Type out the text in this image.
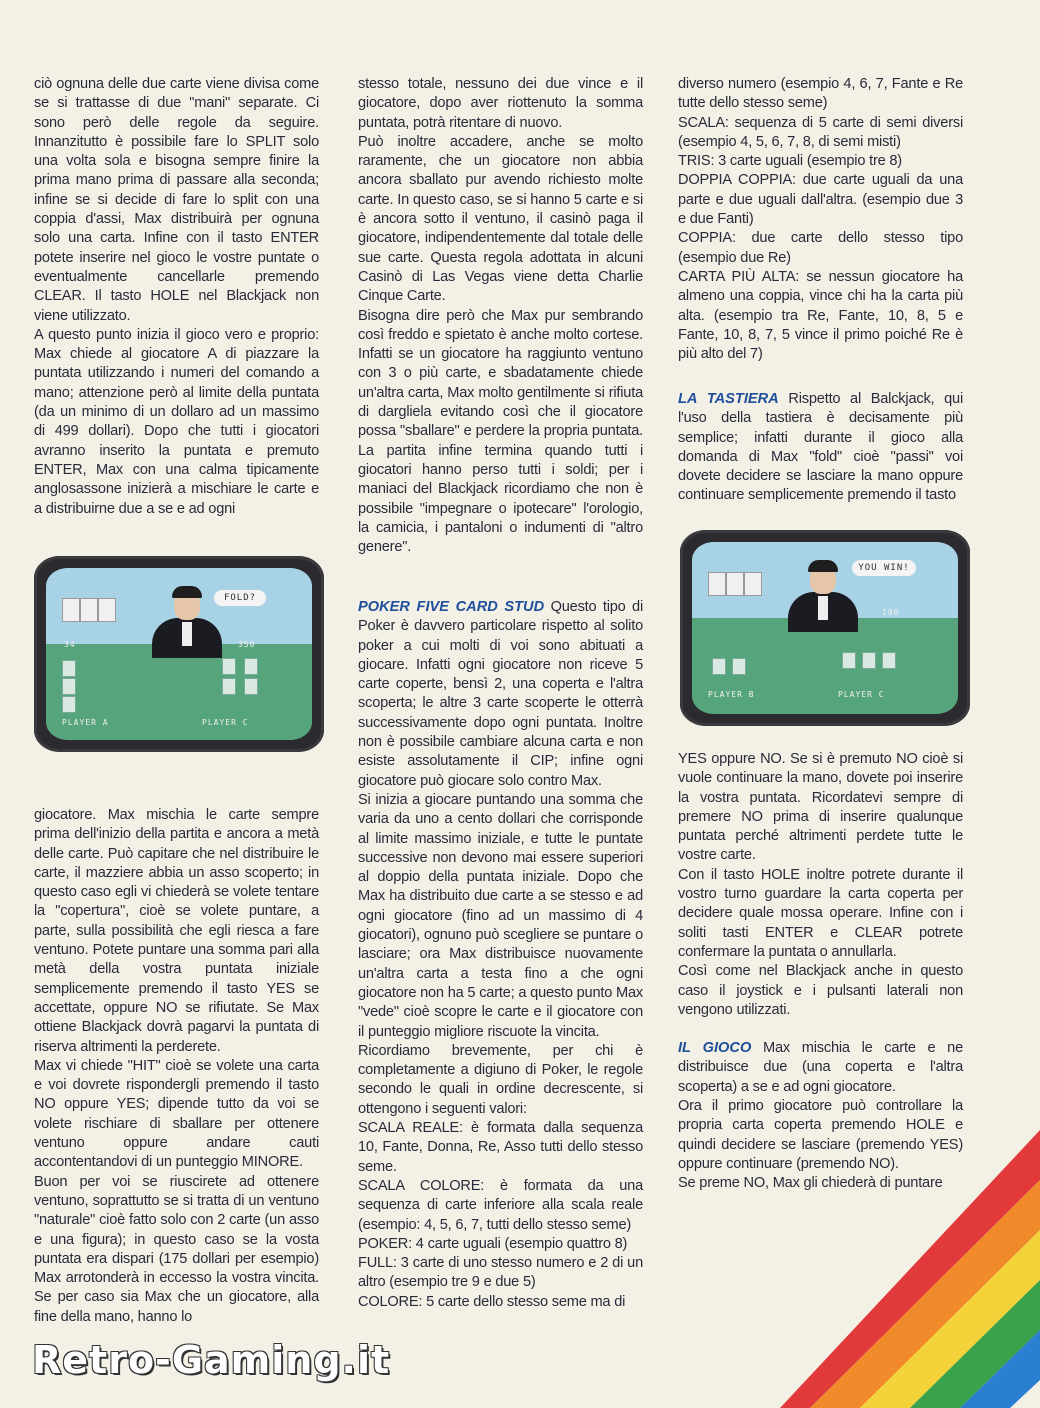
ciò ognuna delle due carte viene divisa come se si trattasse di due "mani" separate. Ci sono però delle regole da seguire. Innanzitutto è possibile fare lo SPLIT solo una volta sola e bisogna sempre finire la prima mano prima di passare alla seconda; infine se si decide di fare lo split con una coppia d'assi, Max distribuirà per ognuna solo una carta. Infine con il tasto ENTER potete inserire nel gioco le vostre puntate o eventualmente cancellarle premendo CLEAR. Il tasto HOLE nel Blackjack non viene utilizzato.

A questo punto inizia il gioco vero e proprio: Max chiede al giocatore A di piazzare la puntata utilizzando i numeri del comando a mano; attenzione però al limite della puntata (da un minimo di un dollaro ad un massimo di 499 dollari). Dopo che tutti i giocatori avranno inserito la puntata e premuto ENTER, Max con una calma tipicamente anglosassone inizierà a mischiare le carte e a distribuirne due a se e ad ogni

FOLD?
34	350
PLAYER A	PLAYER C

giocatore. Max mischia le carte sempre prima dell'inizio della partita e ancora a metà delle carte. Può capitare che nel distribuire le carte, il mazziere abbia un asso scoperto; in questo caso egli vi chiederà se volete tentare la "copertura", cioè se volete puntare, a parte, sulla possibilità che egli riesca a fare ventuno. Potete puntare una somma pari alla metà della vostra puntata iniziale semplicemente premendo il tasto YES se accettate, oppure NO se rifiutate. Se Max ottiene Blackjack dovrà pagarvi la puntata di riserva altrimenti la perderete.

Max vi chiede "HIT" cioè se volete una carta e voi dovrete rispondergli premendo il tasto NO oppure YES; dipende tutto da voi se volete rischiare di sballare per ottenere ventuno oppure andare cauti accontentandovi di un punteggio MINORE.

Buon per voi se riuscirete ad ottenere ventuno, soprattutto se si tratta di un ventuno "naturale" cioè fatto solo con 2 carte (un asso e una figura); in questo caso se la vosta puntata era dispari (175 dollari per esempio) Max arrotonderà in eccesso la vostra vincita. Se per caso sia Max che un giocatore, alla fine della mano, hanno lo

stesso totale, nessuno dei due vince e il giocatore, dopo aver riottenuto la somma puntata, potrà ritentare di nuovo.

Può inoltre accadere, anche se molto raramente, che un giocatore non abbia ancora sballato pur avendo richiesto molte carte. In questo caso, se si hanno 5 carte e si è ancora sotto il ventuno, il casinò paga il giocatore, indipendentemente dal totale delle sue carte. Questa regola adottata in alcuni Casinò di Las Vegas viene detta Charlie Cinque Carte.

Bisogna dire però che Max pur sembrando così freddo e spietato è anche molto cortese. Infatti se un giocatore ha raggiunto ventuno con 3 o più carte, e sbadatamente chiede un'altra carta, Max molto gentilmente si rifiuta di dargliela evitando così che il giocatore possa "sballare" e perdere la propria puntata. La partita infine termina quando tutti i giocatori hanno perso tutti i soldi; per i maniaci del Blackjack ricordiamo che non è possibile "impegnare o ipotecare" l'orologio, la camicia, i pantaloni o indumenti di "altro genere".

POKER FIVE CARD STUD Questo tipo di Poker è davvero particolare rispetto al solito poker a cui molti di voi sono abituati a giocare. Infatti ogni giocatore non riceve 5 carte coperte, bensì 2, una coperta e l'altra scoperta; le altre 3 carte scoperte le otterrà successivamente dopo ogni puntata. Inoltre non è possibile cambiare alcuna carta e non esiste assolutamente il CIP; infine ogni giocatore può giocare solo contro Max.

Si inizia a giocare puntando una somma che varia da uno a cento dollari che corrisponde al limite massimo iniziale, e tutte le puntate successive non devono mai essere superiori al doppio della puntata iniziale. Dopo che Max ha distribuito due carte a se stesso e ad ogni giocatore (fino ad un massimo di 4 giocatori), ognuno può scegliere se puntare o lasciare; ora Max distribuisce nuovamente un'altra carta a testa fino a che ogni giocatore non ha 5 carte; a questo punto Max "vede" cioè scopre le carte e il giocatore con il punteggio migliore riscuote la vincita.

Ricordiamo brevemente, per chi è completamente a digiuno di Poker, le regole secondo le quali in ordine decrescente, si ottengono i seguenti valori:

SCALA REALE: è formata dalla sequenza 10, Fante, Donna, Re, Asso tutti dello stesso seme.

SCALA COLORE: è formata da una sequenza di carte inferiore alla scala reale (esempio: 4, 5, 6, 7, tutti dello stesso seme)

POKER: 4 carte uguali (esempio quattro 8)

FULL: 3 carte di uno stesso numero e 2 di un altro (esempio tre 9 e due 5)

COLORE: 5 carte dello stesso seme ma di

diverso numero (esempio 4, 6, 7, Fante e Re tutte dello stesso seme)

SCALA: sequenza di 5 carte di semi diversi (esempio 4, 5, 6, 7, 8, di semi misti)

TRIS: 3 carte uguali (esempio tre 8)

DOPPIA COPPIA: due carte uguali da una parte e due uguali dall'altra. (esempio due 3 e due Fanti)

COPPIA: due carte dello stesso tipo (esempio due Re)

CARTA PIÙ ALTA: se nessun giocatore ha almeno una coppia, vince chi ha la carta più alta. (esempio tra Re, Fante, 10, 8, 5 e Fante, 10, 8, 7, 5 vince il primo poiché Re è più alto del 7)

LA TASTIERA Rispetto al Balckjack, qui l'uso della tastiera è decisamente più semplice; infatti durante il gioco alla domanda di Max "fold" cioè "passi" voi dovete decidere se lasciare la mano oppure continuare semplicemente premendo il tasto

YOU WIN!
100
PLAYER B	PLAYER C

YES oppure NO. Se si è premuto NO cioè si vuole continuare la mano, dovete poi inserire la vostra puntata. Ricordatevi sempre di premere NO prima di inserire qualunque puntata perché altrimenti perdete tutte le vostre carte.

Con il tasto HOLE inoltre potrete durante il vostro turno guardare la carta coperta per decidere quale mossa operare. Infine con i soliti tasti ENTER e CLEAR potrete confermare la puntata o annullarla.

Così come nel Blackjack anche in questo caso il joystick e i pulsanti laterali non vengono utilizzati.

IL GIOCO Max mischia le carte e ne distribuisce due (una coperta e l'altra scoperta) a se e ad ogni giocatore.

Ora il primo giocatore può controllare la propria carta coperta premendo HOLE e quindi decidere se lasciare (premendo YES) oppure continuare (premendo NO).

Se preme NO, Max gli chiederà di puntare

Retro-Gaming.it
